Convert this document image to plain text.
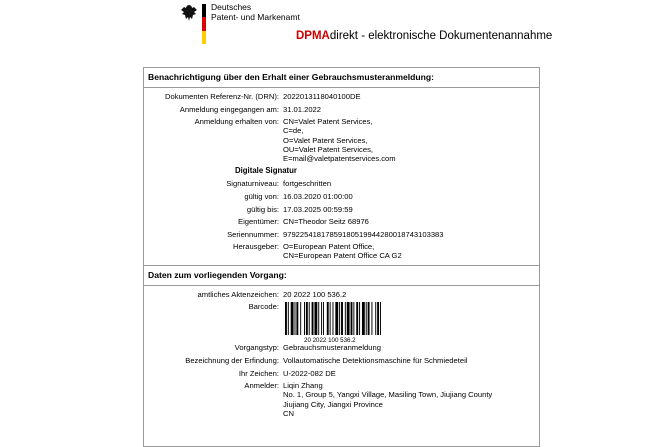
Deutsches
Patent- und Markenamt
DPMAdirekt - elektronische Dokumentenannahme
Benachrichtigung über den Erhalt einer Gebrauchsmusteranmeldung:
Dokumenten Referenz-Nr. (DRN): 2022013118040100DE
Anmeldung eingegangen am: 31.01.2022
Anmeldung erhalten von: CN=Valet Patent Services,
C=de,
O=Valet Patent Services,
OU=Valet Patent Services,
E=mail@valetpatentservices.com
Digitale Signatur
Signaturniveau: fortgeschritten
gültig von: 16.03.2020 01:00:00
gültig bis: 17.03.2025 00:59:59
Eigentümer: CN=Theodor Seitz 68976
Seriennummer: 97922541817859180519944280018743103383
Herausgeber: O=European Patent Office,
CN=European Patent Office CA G2
Daten zum vorliegenden Vorgang:
amtliches Aktenzeichen: 20 2022 100 536.2
Barcode:
20 2022 100 536.2
Vorgangstyp: Gebrauchsmusteranmeldung
Bezeichnung der Erfindung: Vollautomatische Detektionsmaschine für Schmiedeteil
Ihr Zeichen: U-2022-082 DE
Anmelder: Liqin Zhang
No. 1, Group 5, Yangxi Village, Masiling Town, Jiujiang County
Jiujiang City, Jiangxi Province
CN
